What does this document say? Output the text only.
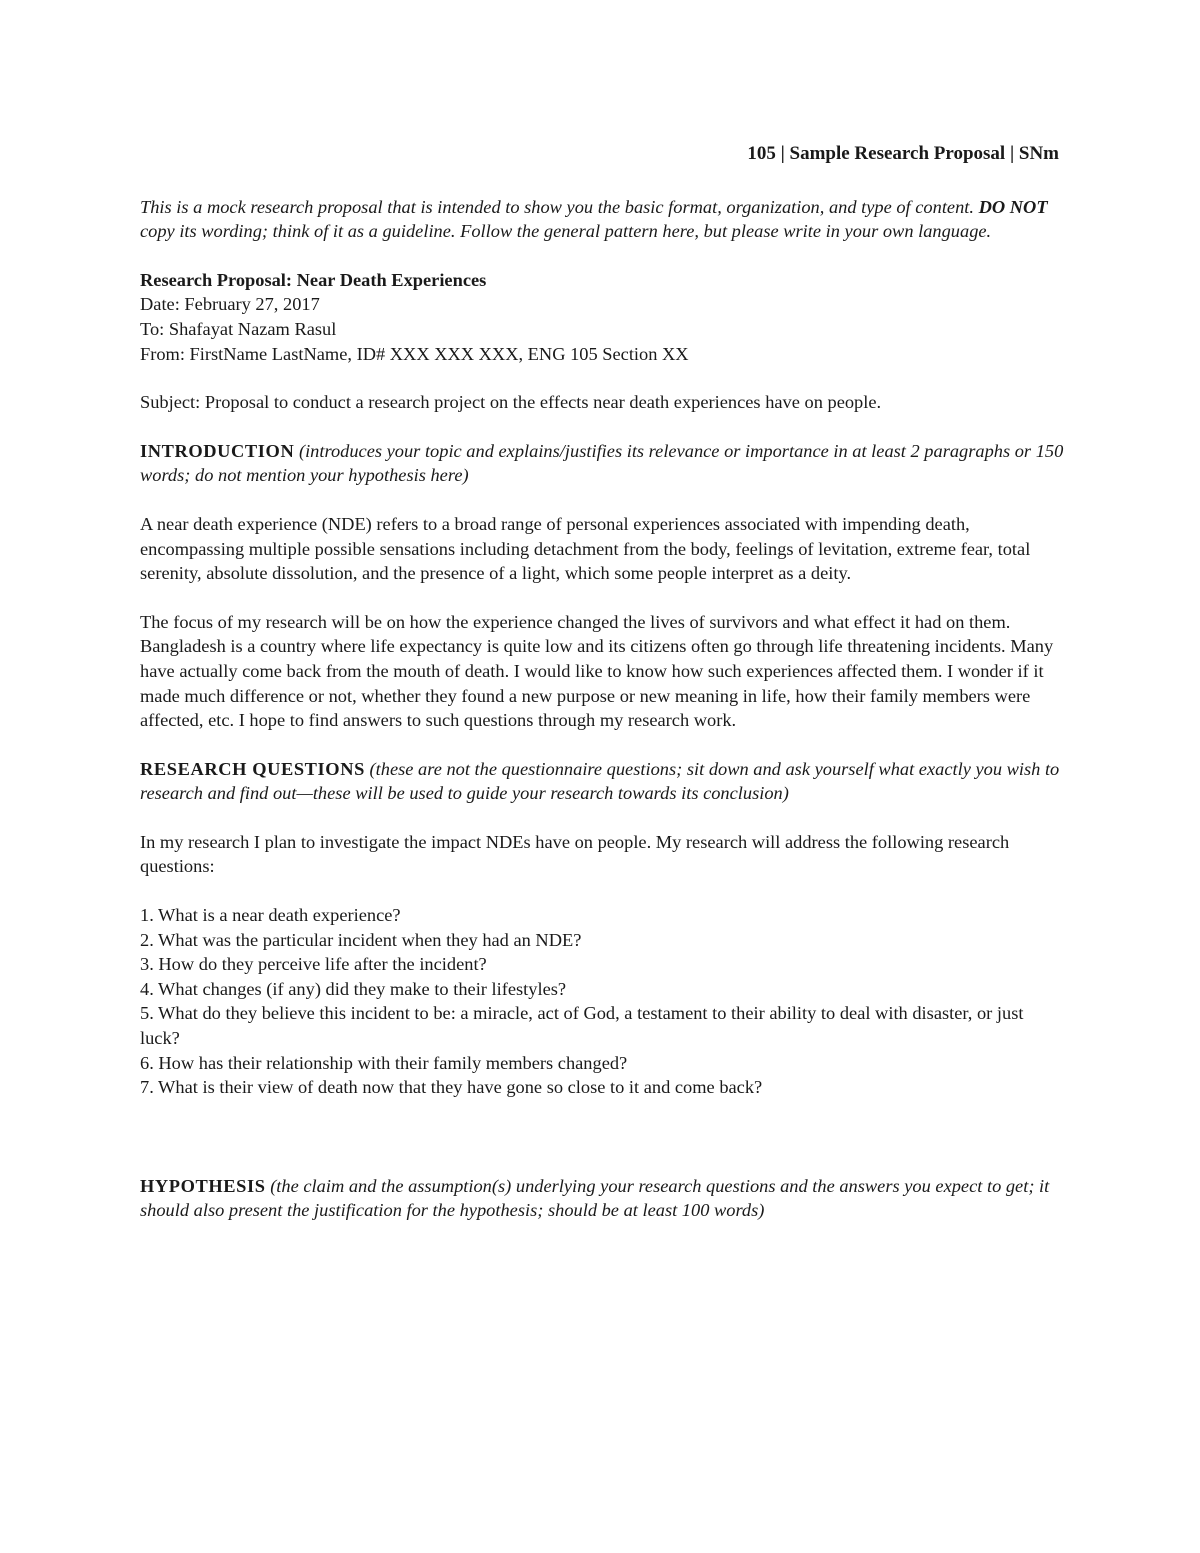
105 | Sample Research Proposal | SNm

This is a mock research proposal that is intended to show you the basic format, organization, and type of content. DO NOT copy its wording; think of it as a guideline. Follow the general pattern here, but please write in your own language.

Research Proposal: Near Death Experiences

Date: February 27, 2017

To: Shafayat Nazam Rasul

From: FirstName LastName, ID# XXX XXX XXX, ENG 105 Section XX

Subject: Proposal to conduct a research project on the effects near death experiences have on people.

INTRODUCTION (introduces your topic and explains/justifies its relevance or importance in at least 2 paragraphs or 150 words; do not mention your hypothesis here)

A near death experience (NDE) refers to a broad range of personal experiences associated with impending death, encompassing multiple possible sensations including detachment from the body, feelings of levitation, extreme fear, total serenity, absolute dissolution, and the presence of a light, which some people interpret as a deity.

The focus of my research will be on how the experience changed the lives of survivors and what effect it had on them. Bangladesh is a country where life expectancy is quite low and its citizens often go through life threatening incidents. Many have actually come back from the mouth of death. I would like to know how such experiences affected them. I wonder if it made much difference or not, whether they found a new purpose or new meaning in life, how their family members were affected, etc. I hope to find answers to such questions through my research work.

RESEARCH QUESTIONS (these are not the questionnaire questions; sit down and ask yourself what exactly you wish to research and find out—these will be used to guide your research towards its conclusion)

In my research I plan to investigate the impact NDEs have on people. My research will address the following research questions:

1. What is a near death experience?
2. What was the particular incident when they had an NDE?
3. How do they perceive life after the incident?
4. What changes (if any) did they make to their lifestyles?
5. What do they believe this incident to be: a miracle, act of God, a testament to their ability to deal with disaster, or just luck?
6. How has their relationship with their family members changed?
7. What is their view of death now that they have gone so close to it and come back?

HYPOTHESIS (the claim and the assumption(s) underlying your research questions and the answers you expect to get; it should also present the justification for the hypothesis; should be at least 100 words)
